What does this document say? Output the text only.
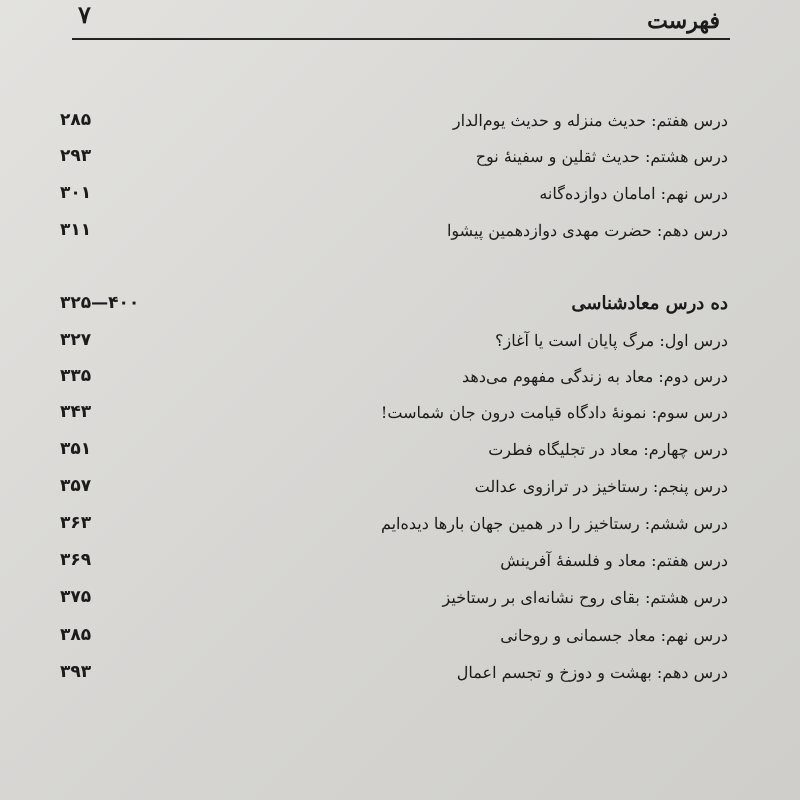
۷	فهرست
درس هفتم: حدیث منزله و حدیث یوم‌الدار
۲۸۵
درس هشتم: حدیث ثقلین و سفینهٔ نوح
۲۹۳
درس نهم: امامان دوازده‌گانه
۳۰۱
درس دهم: حضرت مهدی دوازدهمین پیشوا
۳۱۱
ده درس معادشناسی
۴۰۰—۳۲۵
درس اول: مرگ پایان است یا آغاز؟
۳۲۷
درس دوم: معاد به زندگی مفهوم می‌دهد
۳۳۵
درس سوم: نمونهٔ دادگاه قیامت درون جان شماست!
۳۴۳
درس چهارم: معاد در تجلیگاه فطرت
۳۵۱
درس پنجم: رستاخیز در ترازوی عدالت
۳۵۷
درس ششم: رستاخیز را در همین جهان بارها دیده‌ایم
۳۶۳
درس هفتم: معاد و فلسفهٔ آفرینش
۳۶۹
درس هشتم: بقای روح نشانه‌ای بر رستاخیز
۳۷۵
درس نهم: معاد جسمانی و روحانی
۳۸۵
درس دهم: بهشت و دوزخ و تجسم اعمال
۳۹۳
